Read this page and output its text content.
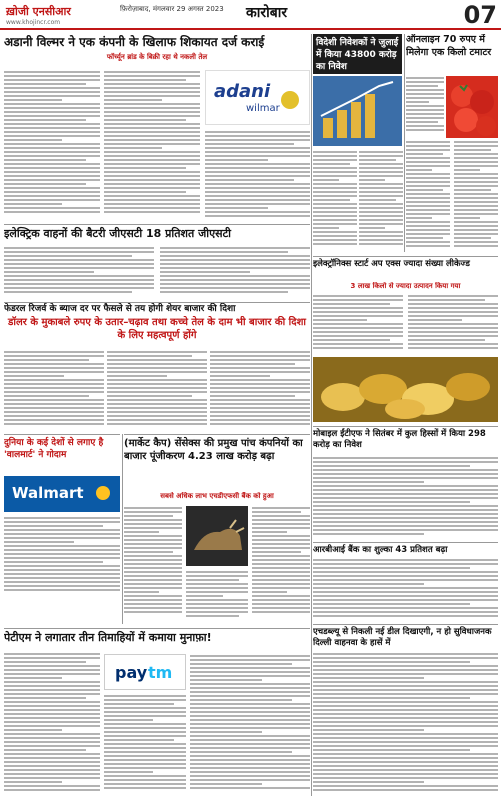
ख़ोजी एनसीआर	फ़िरोज़ाबाद, मंगलवार 29 अगस्त 2023
www.khojincr.com
कारोबार	07
अडानी विल्मर ने एक कंपनी के खिलाफ शिकायत दर्ज कराई
फॉर्च्यून ब्रांड के बिक्री रहा थे नकली तेल
adani
wilmar
विदेशी निवेशकों ने जुलाई में किया 43800 करोड़ का निवेश
ऑनलाइन 70 रुपए में मिलेगा एक किलो टमाटर
इलेक्ट्रिक वाहनों की बैटरी जीएसटी 18 प्रतिशत जीएसटी
फेडरल रिजर्व के ब्याज दर पर फैसले से तय होगी शेयर बाजार की दिशा
डॉलर के मुकाबले रुपए के उतार–चढ़ाव तथा कच्चे तेल के दाम भी बाजार की दिशा के लिए महत्वपूर्ण होंगे
इलेक्ट्रॉनिक्स स्टार्ट अप एक्स ज्यादा संख्या लीकेज्ड
3 लाख किलो से ज्यादा उत्पादन किया गया
दुनिया के कई देशों से लगाए है 'वालमार्ट' ने गोदाम
Walmart
(मार्केट कैप) सेंसेक्स की प्रमुख पांच कंपनियों का बाजार पूंजीकरण 4.23 लाख करोड़ बढ़ा
सबसे अधिक लाभ एचडीएफसी बैंक को हुआ
मोबाइल ईंटीएफ ने सितंबर में कुल हिस्सों में किया 298 करोड़ का निवेश
आरबीआई बैंक का शुल्का 43 प्रतिशत बढ़ा
एचडब्ल्यू से निकली नई डील दिखाएगी, न हो सुविधाजनक दिल्ली वाहनवा के हासें में
पेटीएम ने लगातार तीन तिमाहियों में कमाया मुनाफ़ा!
pay tm
